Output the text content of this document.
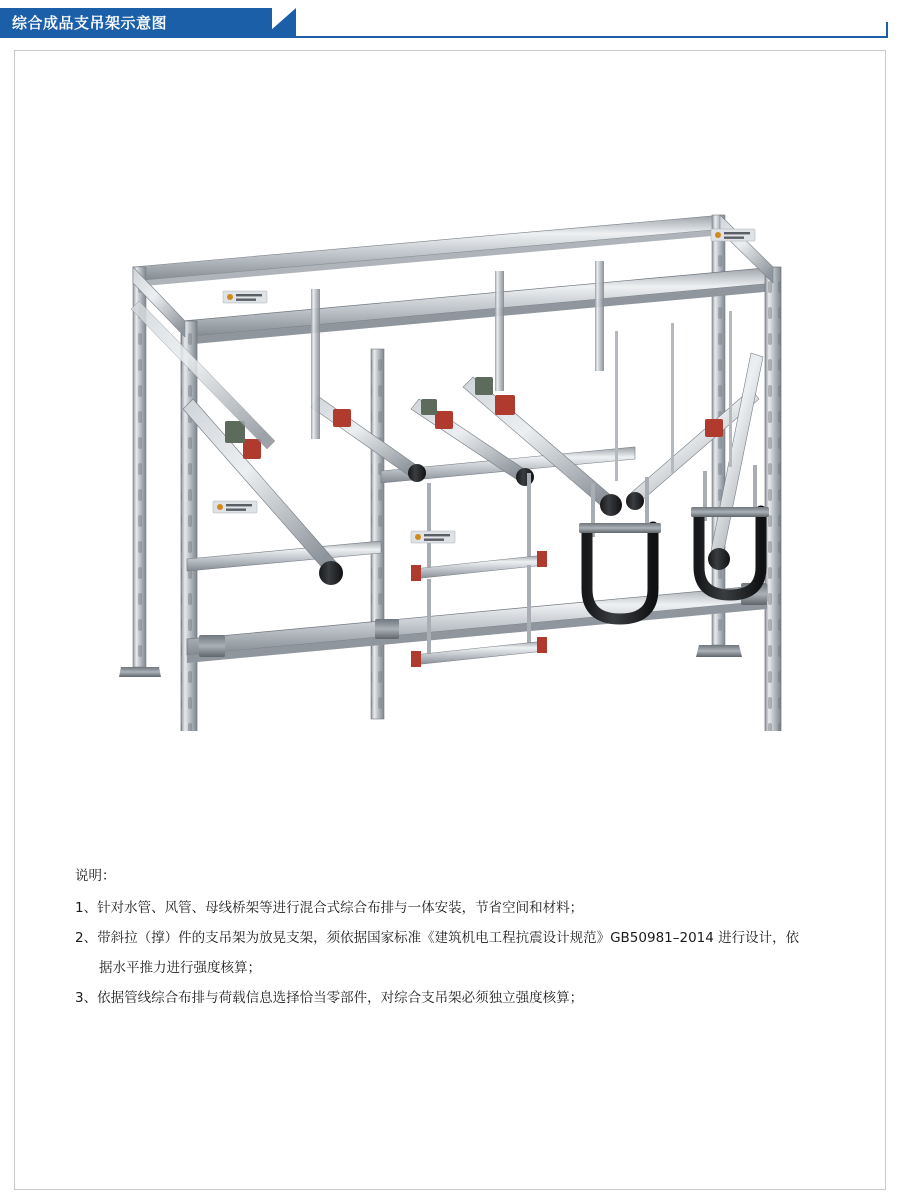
综合成品支吊架示意图
说明：
1、针对水管、风管、母线桥架等进行混合式综合布排与一体安装，节省空间和材料；
2、带斜拉（撑）件的支吊架为放晃支架，须依据国家标准《建筑机电工程抗震设计规范》GB50981–2014 进行设计，依
据水平推力进行强度核算；
3、依据管线综合布排与荷载信息选择恰当零部件，对综合支吊架必须独立强度核算；
